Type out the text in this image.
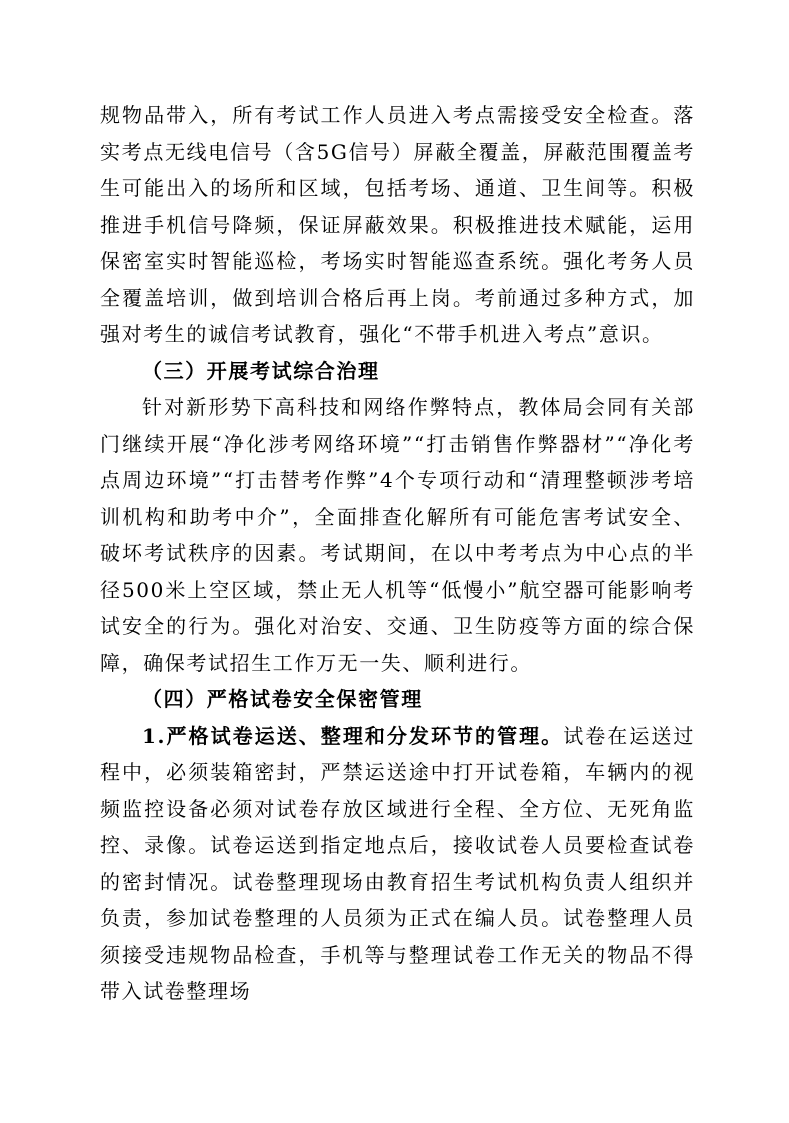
规物品带入，所有考试工作人员进入考点需接受安全检查。落实考点无线电信号（含5G信号）屏蔽全覆盖，屏蔽范围覆盖考生可能出入的场所和区域，包括考场、通道、卫生间等。积极推进手机信号降频，保证屏蔽效果。积极推进技术赋能，运用保密室实时智能巡检，考场实时智能巡查系统。强化考务人员全覆盖培训，做到培训合格后再上岗。考前通过多种方式，加强对考生的诚信考试教育，强化“不带手机进入考点”意识。

（三）开展考试综合治理

针对新形势下高科技和网络作弊特点，教体局会同有关部门继续开展“净化涉考网络环境”“打击销售作弊器材”“净化考点周边环境”“打击替考作弊”4个专项行动和“清理整顿涉考培训机构和助考中介”，全面排查化解所有可能危害考试安全、破坏考试秩序的因素。考试期间，在以中考考点为中心点的半径500米上空区域，禁止无人机等“低慢小”航空器可能影响考试安全的行为。强化对治安、交通、卫生防疫等方面的综合保障，确保考试招生工作万无一失、顺利进行。

（四）严格试卷安全保密管理

1.严格试卷运送、整理和分发环节的管理。试卷在运送过程中，必须装箱密封，严禁运送途中打开试卷箱，车辆内的视频监控设备必须对试卷存放区域进行全程、全方位、无死角监控、录像。试卷运送到指定地点后，接收试卷人员要检查试卷的密封情况。试卷整理现场由教育招生考试机构负责人组织并负责，参加试卷整理的人员须为正式在编人员。试卷整理人员须接受违规物品检查，手机等与整理试卷工作无关的物品不得带入试卷整理场
